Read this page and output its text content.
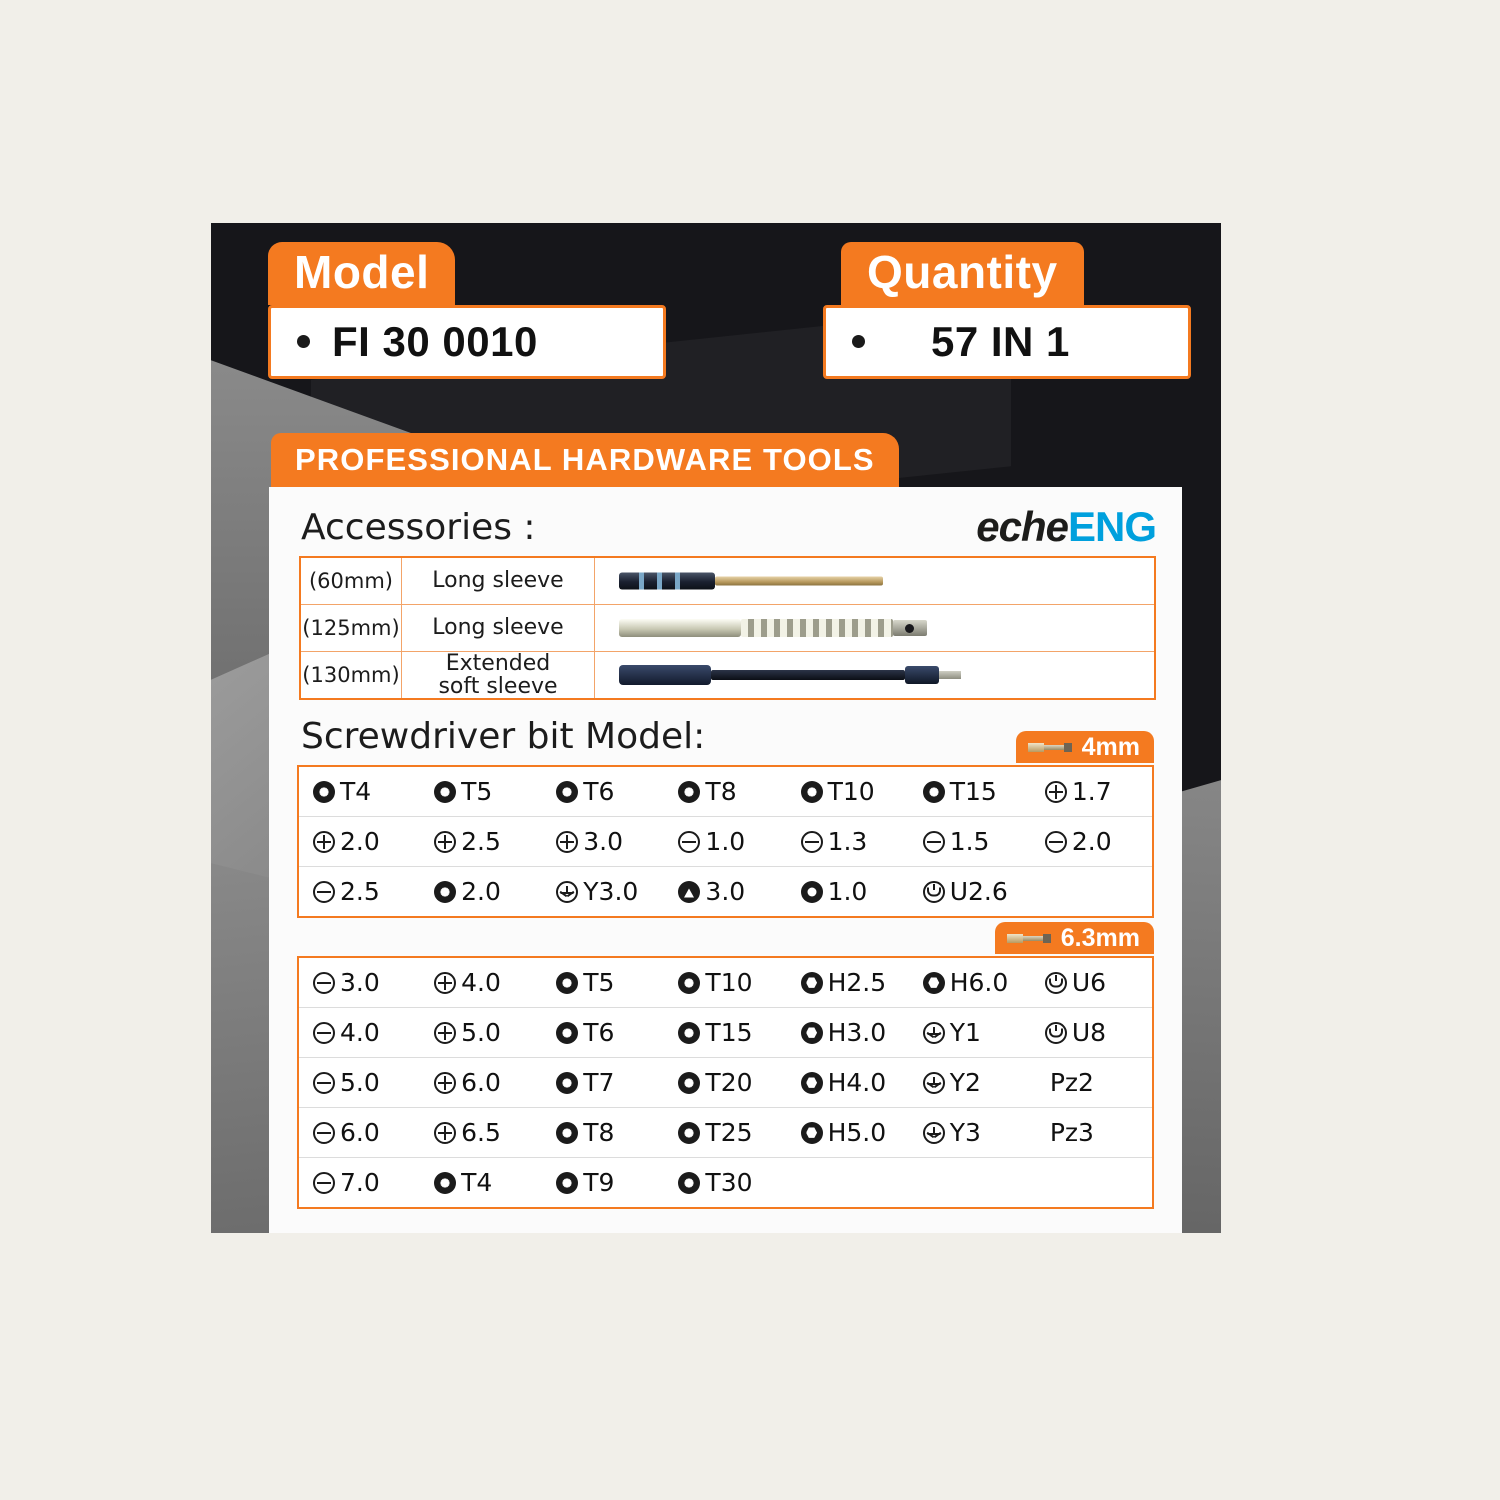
Model
FI 30 0010
Quantity
57 IN 1
PROFESSIONAL HARDWARE TOOLS
echeENG
Accessories :
(60mm)	Long sleeve	

(125mm)	Long sleeve	

(130mm)	Extended
soft sleeve	
Screwdriver bit Model:	4mm
T4	T5	T6	T8	T10	T15	1.7

2.0	2.5	3.0	1.0	1.3	1.5	2.0

2.5	2.0	Y3.0	3.0	1.0	U2.6	

6.3mm
3.0	4.0	T5	T10	H2.5	H6.0	U6

4.0	5.0	T6	T15	H3.0	Y1	U8

5.0	6.0	T7	T20	H4.0	Y2	Pz2

6.0	6.5	T8	T25	H5.0	Y3	Pz3

7.0	T4	T9	T30			
